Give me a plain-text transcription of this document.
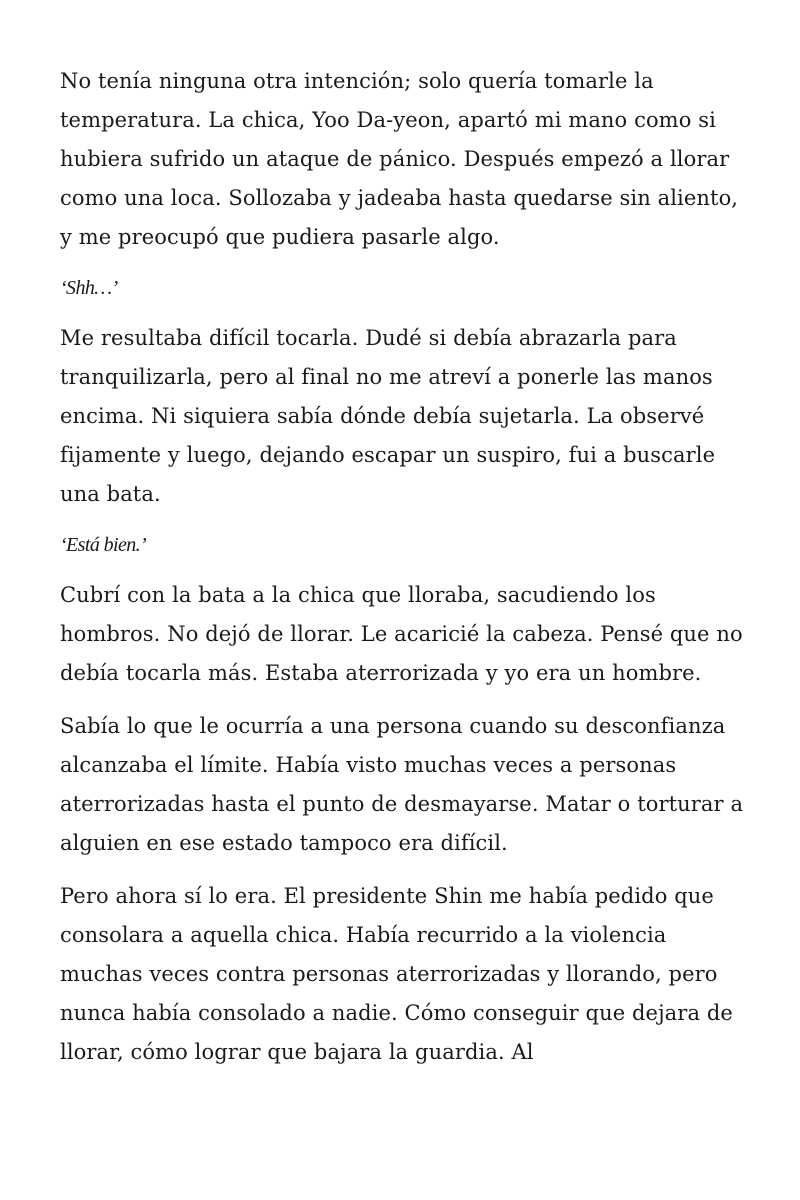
No tenía ninguna otra intención; solo quería tomarle la temperatura. La chica, Yoo Da-yeon, apartó mi mano como si hubiera sufrido un ataque de pánico. Después empezó a llorar como una loca. Sollozaba y jadeaba hasta quedarse sin aliento, y me preocupó que pudiera pasarle algo.

‘Shh…’

Me resultaba difícil tocarla. Dudé si debía abrazarla para tranquilizarla, pero al final no me atreví a ponerle las manos encima. Ni siquiera sabía dónde debía sujetarla. La observé fijamente y luego, dejando escapar un suspiro, fui a buscarle una bata.

‘Está bien.’

Cubrí con la bata a la chica que lloraba, sacudiendo los hombros. No dejó de llorar. Le acaricié la cabeza. Pensé que no debía tocarla más. Estaba aterrorizada y yo era un hombre.

Sabía lo que le ocurría a una persona cuando su desconfianza alcanzaba el límite. Había visto muchas veces a personas aterrorizadas hasta el punto de desmayarse. Matar o torturar a alguien en ese estado tampoco era difícil.

Pero ahora sí lo era. El presidente Shin me había pedido que consolara a aquella chica. Había recurrido a la violencia muchas veces contra personas aterrorizadas y llorando, pero nunca había consolado a nadie. Cómo conseguir que dejara de llorar, cómo lograr que bajara la guardia. Al
